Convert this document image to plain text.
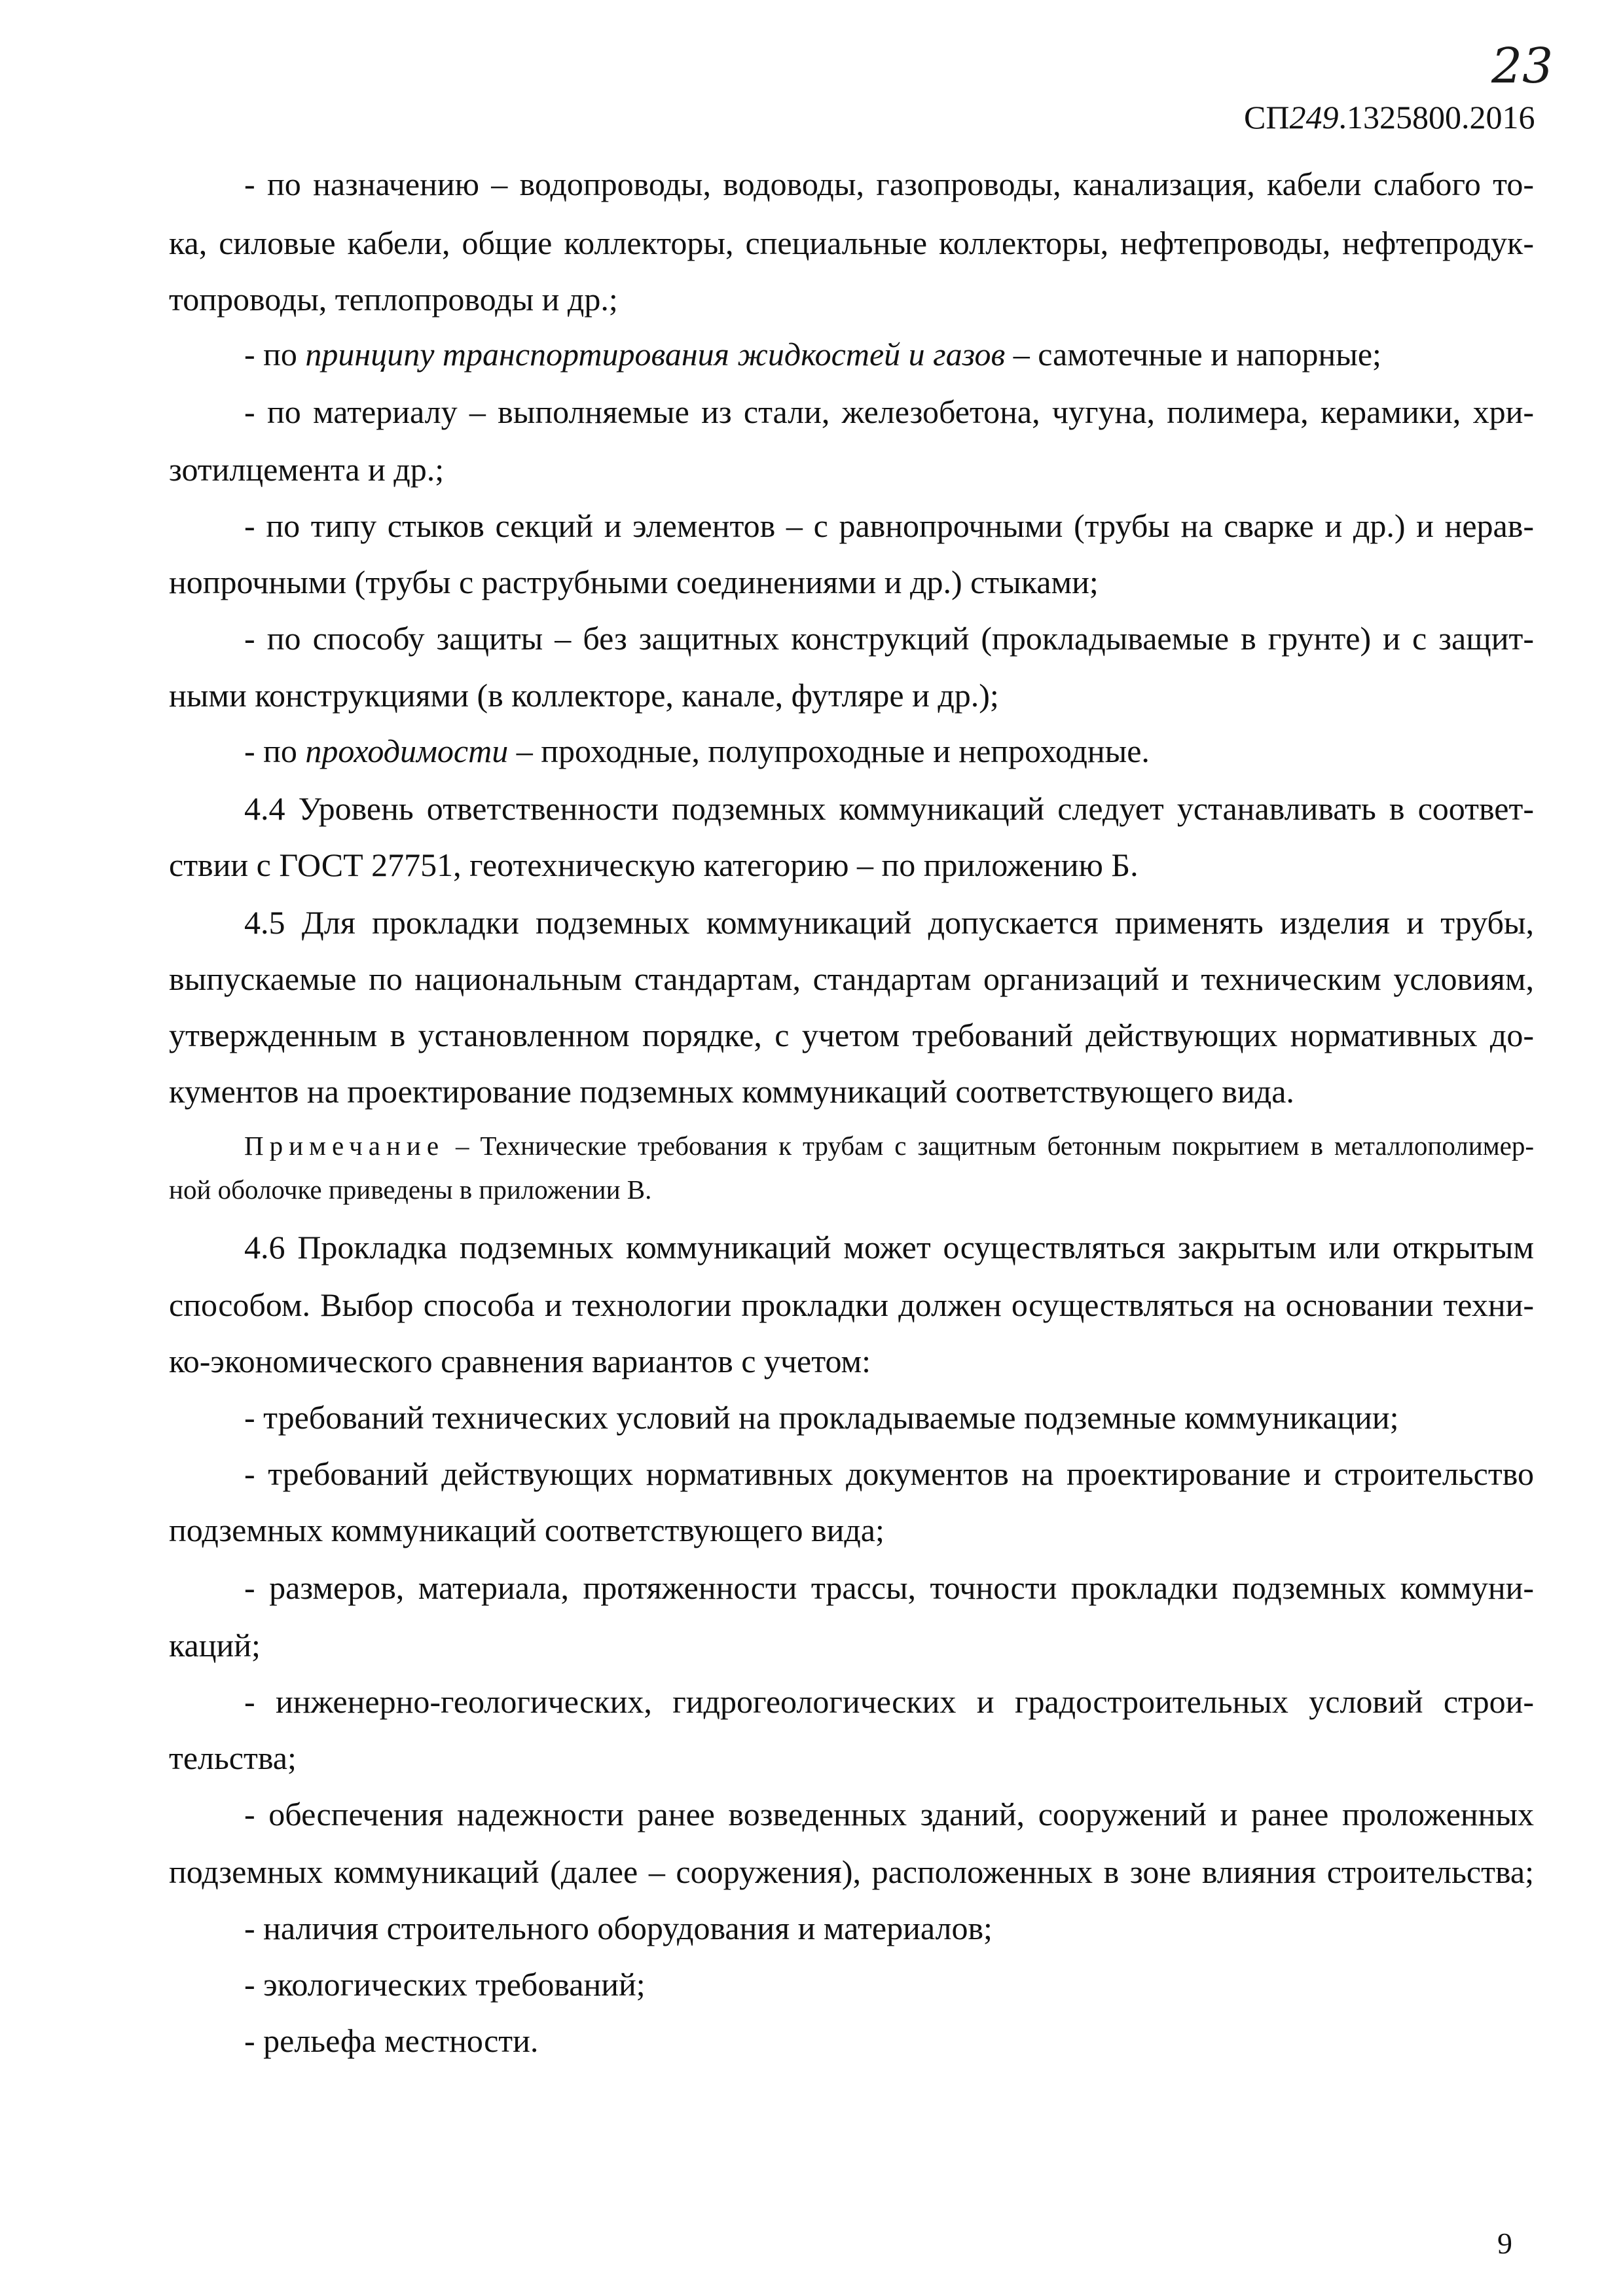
23
СП249.1325800.2016
- по назначению – водопроводы, водоводы, газопроводы, канализация, кабели слабого то-
ка, силовые кабели, общие коллекторы, специальные коллекторы, нефтепроводы, нефтепродук-
топроводы, теплопроводы и др.;
- по принципу транспортирования жидкостей и газов – самотечные и напорные;
- по материалу – выполняемые из стали, железобетона, чугуна, полимера, керамики, хри-
зотилцемента и др.;
- по типу стыков секций и элементов – с равнопрочными (трубы на сварке и др.) и нерав-
нопрочными (трубы с раструбными соединениями и др.) стыками;
- по способу защиты – без защитных конструкций (прокладываемые в грунте) и с защит-
ными конструкциями (в коллекторе, канале, футляре и др.);
- по проходимости – проходные, полупроходные и непроходные.
4.4 Уровень ответственности подземных коммуникаций следует устанавливать в соответ-
ствии с ГОСТ 27751, геотехническую категорию – по приложению Б.
4.5 Для прокладки подземных коммуникаций допускается применять изделия и трубы,
выпускаемые по национальным стандартам, стандартам организаций и техническим условиям,
утвержденным в установленном порядке, с учетом требований действующих нормативных до-
кументов на проектирование подземных коммуникаций соответствующего вида.
Примечание – Технические требования к трубам с защитным бетонным покрытием в металлополимер-
ной оболочке приведены в приложении В.
4.6 Прокладка подземных коммуникаций может осуществляться закрытым или открытым
способом. Выбор способа и технологии прокладки должен осуществляться на основании техни-
ко-экономического сравнения вариантов с учетом:
- требований технических условий на прокладываемые подземные коммуникации;
- требований действующих нормативных документов на проектирование и строительство
подземных коммуникаций соответствующего вида;
- размеров, материала, протяженности трассы, точности прокладки подземных коммуни-
каций;
- инженерно-геологических, гидрогеологических и градостроительных условий строи-
тельства;
- обеспечения надежности ранее возведенных зданий, сооружений и ранее проложенных
подземных коммуникаций (далее – сооружения), расположенных в зоне влияния строительства;
- наличия строительного оборудования и материалов;
- экологических требований;
- рельефа местности.
9
